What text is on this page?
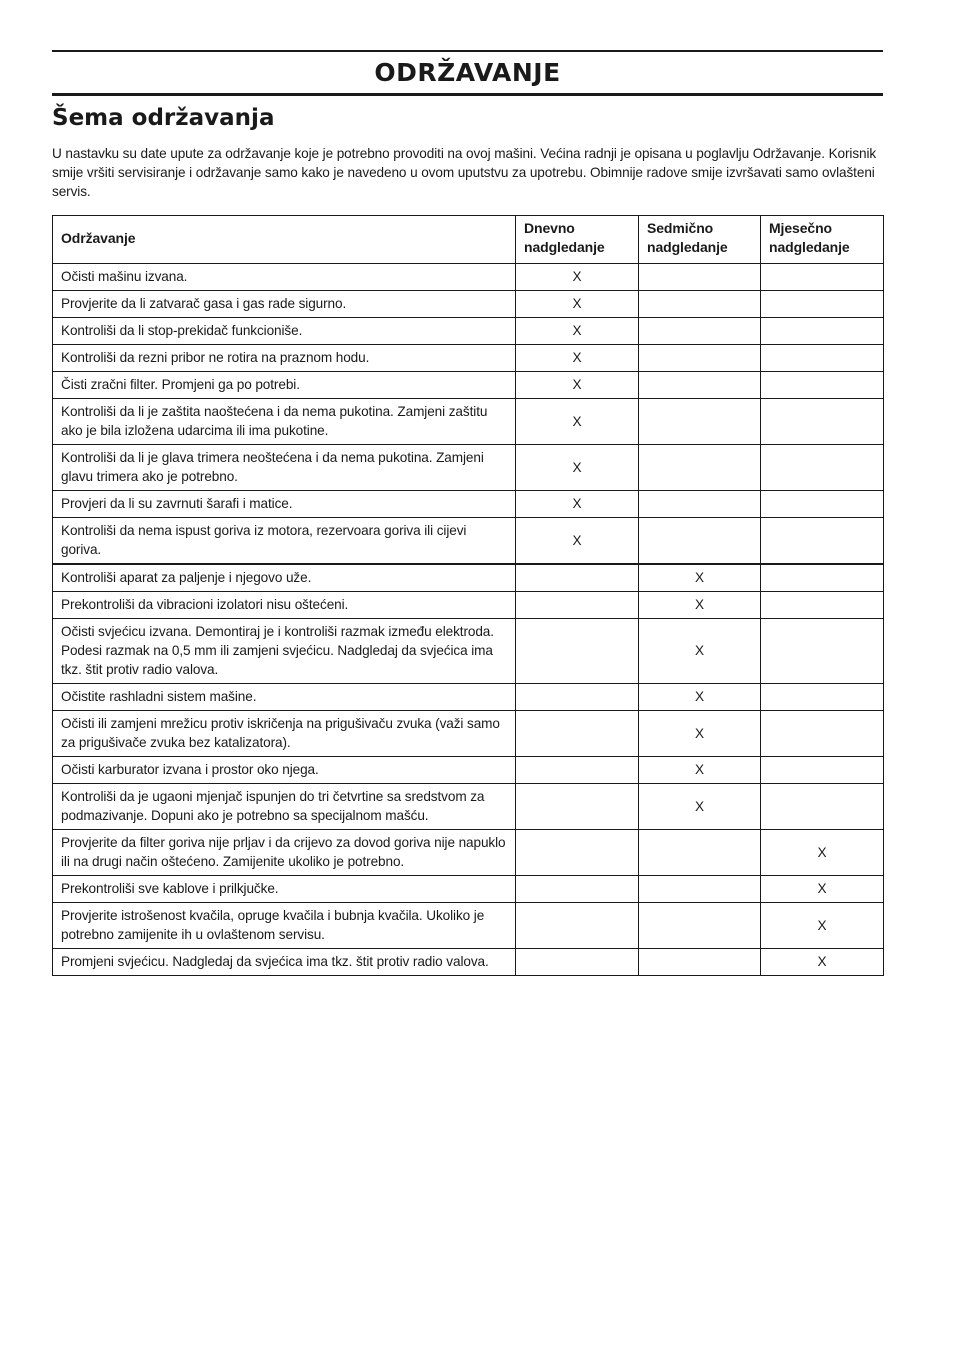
ODRŽAVANJE
Šema održavanja

U nastavku su date upute za održavanje koje je potrebno provoditi na ovoj mašini. Većina radnji je opisana u poglavlju Održavanje. Korisnik smije vršiti servisiranje i održavanje samo kako je navedeno u ovom uputstvu za upotrebu. Obimnije radove smije izvršavati samo ovlašteni servis.

Održavanje	Dnevno nadgledanje	Sedmično nadgledanje	Mjesečno nadgledanje
Očisti mašinu izvana.	X		
Provjerite da li zatvarač gasa i gas rade sigurno.	X		
Kontroliši da li stop-prekidač funkcioniše.	X		
Kontroliši da rezni pribor ne rotira na praznom hodu.	X		
Čisti zračni filter. Promjeni ga po potrebi.	X		
Kontroliši da li je zaštita naoštećena i da nema pukotina. Zamjeni zaštitu ako je bila izložena udarcima ili ima pukotine.	X		
Kontroliši da li je glava trimera neoštećena i da nema pukotina. Zamjeni glavu trimera ako je potrebno.	X		
Provjeri da li su zavrnuti šarafi i matice.	X		
Kontroliši da nema ispust goriva iz motora, rezervoara goriva ili cijevi goriva.	X		
Kontroliši aparat za paljenje i njegovo uže.		X	
Prekontroliši da vibracioni izolatori nisu oštećeni.		X	
Očisti svjećicu izvana. Demontiraj je i kontroliši razmak između elektroda. Podesi razmak na 0,5 mm ili zamjeni svjećicu. Nadgledaj da svjećica ima tkz. štit protiv radio valova.		X	
Očistite rashladni sistem mašine.		X	
Očisti ili zamjeni mrežicu protiv iskričenja na prigušivaču zvuka (važi samo za prigušivače zvuka bez katalizatora).		X	
Očisti karburator izvana i prostor oko njega.		X	
Kontroliši da je ugaoni mjenjač ispunjen do tri četvrtine sa sredstvom za podmazivanje. Dopuni ako je potrebno sa specijalnom mašću.		X	
Provjerite da filter goriva nije prljav i da crijevo za dovod goriva nije napuklo ili na drugi način oštećeno. Zamijenite ukoliko je potrebno.			X
Prekontroliši sve kablove i prilkjučke.			X
Provjerite istrošenost kvačila, opruge kvačila i bubnja kvačila. Ukoliko je potrebno zamijenite ih u ovlaštenom servisu.			X
Promjeni svjećicu. Nadgledaj da svjećica ima tkz. štit protiv radio valova.			X
